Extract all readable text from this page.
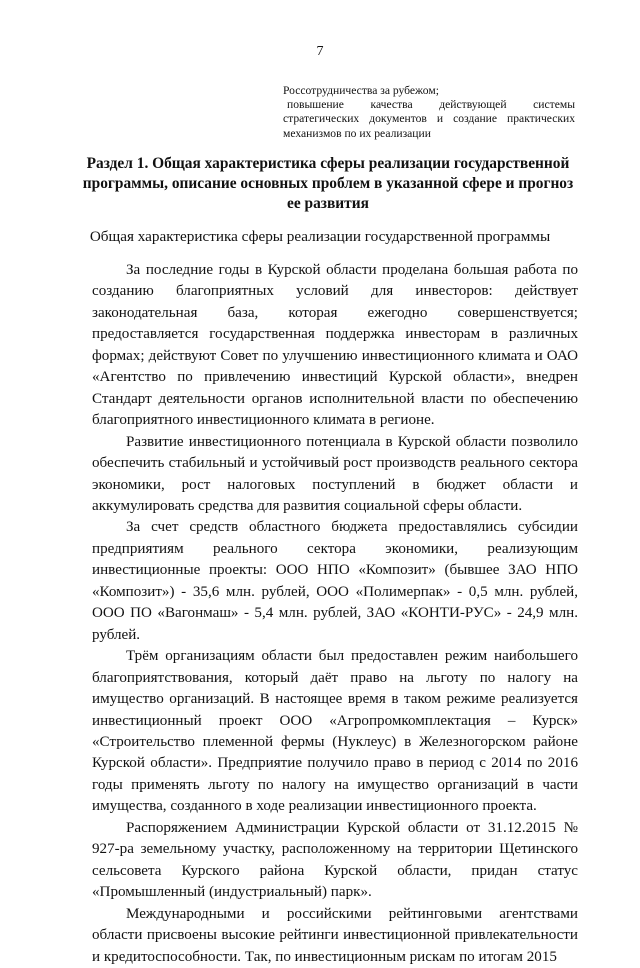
7

Россотрудничества за рубежом;

повышение качества действующей системы стратегических документов и создание практических механизмов по их реализации

Раздел 1. Общая характеристика сферы реализации государственной программы, описание основных проблем в указанной сфере и прогноз ее развития
Общая характеристика сферы реализации государственной программы

За последние годы в Курской области проделана большая работа по созданию благоприятных условий для инвесторов: действует законодательная база, которая ежегодно совершенствуется; предоставляется государственная поддержка инвесторам в различных формах; действуют Совет по улучшению инвестиционного климата и ОАО «Агентство по привлечению инвестиций Курской области», внедрен Стандарт деятельности органов исполнительной власти по обеспечению благоприятного инвестиционного климата в регионе.

Развитие инвестиционного потенциала в Курской области позволило обеспечить стабильный и устойчивый рост производств реального сектора экономики, рост налоговых поступлений в бюджет области и аккумулировать средства для развития социальной сферы области.

За счет средств областного бюджета предоставлялись субсидии предприятиям реального сектора экономики, реализующим инвестиционные проекты: ООО НПО «Композит» (бывшее ЗАО НПО «Композит») - 35,6 млн. рублей, ООО «Полимерпак» - 0,5 млн. рублей, ООО ПО «Вагонмаш» - 5,4 млн. рублей, ЗАО «КОНТИ-РУС» - 24,9 млн. рублей.

Трём организациям области был предоставлен режим наибольшего благоприятствования, который даёт право на льготу по налогу на имущество организаций. В настоящее время в таком режиме реализуется инвестиционный проект ООО «Агропромкомплектация – Курск» «Строительство племенной фермы (Нуклеус) в Железногорском районе Курской области». Предприятие получило право в период с 2014 по 2016 годы применять льготу по налогу на имущество организаций в части имущества, созданного в ходе реализации инвестиционного проекта.

Распоряжением Администрации Курской области от 31.12.2015 № 927-ра земельному участку, расположенному на территории Щетинского сельсовета Курского района Курской области, придан статус «Промышленный (индустриальный) парк».

Международными и российскими рейтинговыми агентствами области присвоены высокие рейтинги инвестиционной привлекательности и кредитоспособности. Так, по инвестиционным рискам по итогам 2015
